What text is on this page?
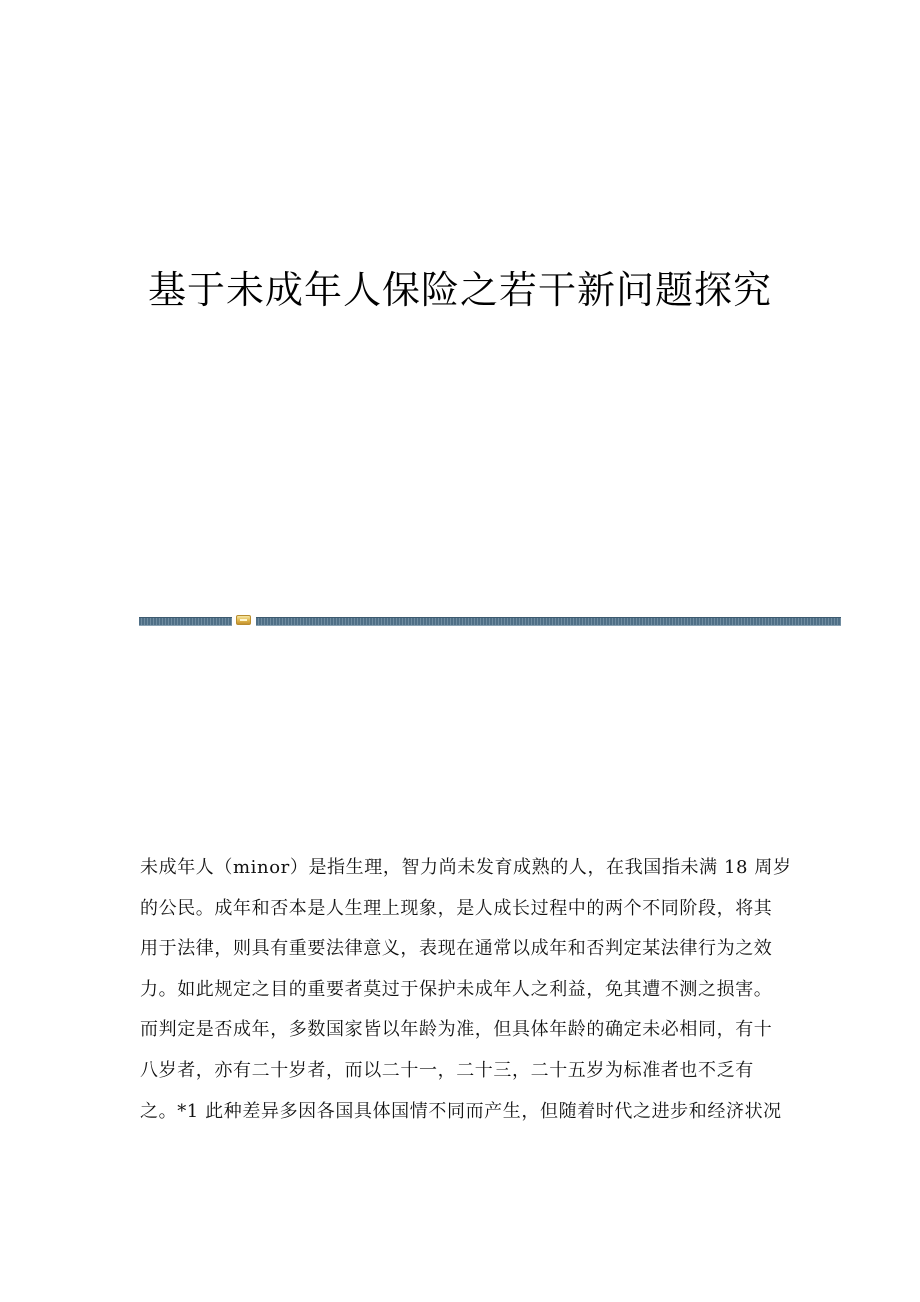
基于未成年人保险之若干新问题探究
未成年人（minor）是指生理，智力尚未发育成熟的人，在我国指未满 18 周岁
的公民。成年和否本是人生理上现象，是人成长过程中的两个不同阶段，将其
用于法律，则具有重要法律意义，表现在通常以成年和否判定某法律行为之效
力。如此规定之目的重要者莫过于保护未成年人之利益，免其遭不测之损害。
而判定是否成年，多数国家皆以年龄为准，但具体年龄的确定未必相同，有十
八岁者，亦有二十岁者，而以二十一，二十三，二十五岁为标准者也不乏有
之。*1 此种差异多因各国具体国情不同而产生，但随着时代之进步和经济状况
